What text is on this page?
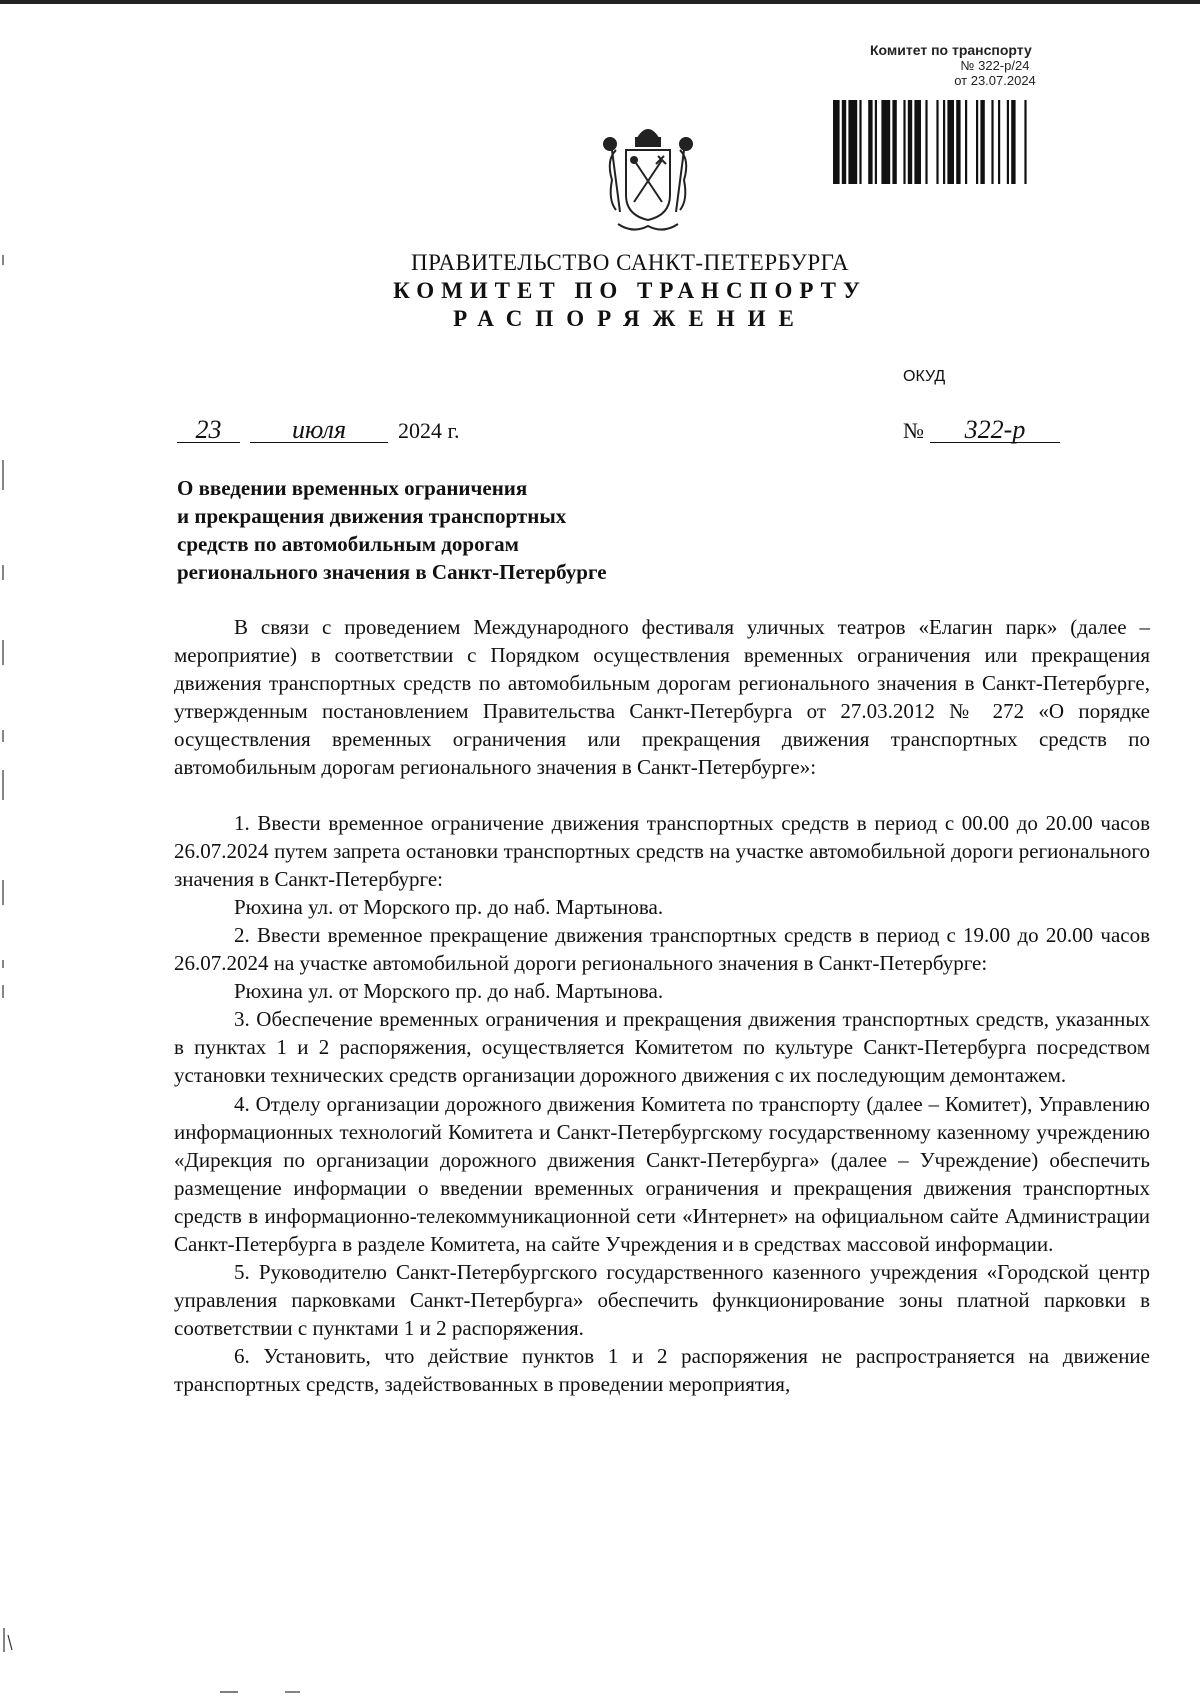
Комитет по транспорту
№ 322-р/24
от 23.07.2024
ПРАВИТЕЛЬСТВО САНКТ-ПЕТЕРБУРГА
КОМИТЕТ ПО ТРАНСПОРТУ
РАСПОРЯЖЕНИЕ
ОКУД
23	июля 2024 г.	№ 322-р
О введении временных ограничения
и прекращения движения транспортных
средств по автомобильным дорогам
регионального значения в Санкт-Петербурге

В связи с проведением Международного фестиваля уличных театров «Елагин парк» (далее – мероприятие) в соответствии с Порядком осуществления временных ограничения или прекращения движения транспортных средств по автомобильным дорогам регионального значения в Санкт-Петербурге, утвержденным постановлением Правительства Санкт-Петербурга от 27.03.2012 № 272 «О порядке осуществления временных ограничения или прекращения движения транспортных средств по автомобильным дорогам регионального значения в Санкт-Петербурге»:

1. Ввести временное ограничение движения транспортных средств в период с 00.00 до 20.00 часов 26.07.2024 путем запрета остановки транспортных средств на участке автомобильной дороги регионального значения в Санкт-Петербурге:

Рюхина ул. от Морского пр. до наб. Мартынова.

2. Ввести временное прекращение движения транспортных средств в период с 19.00 до 20.00 часов 26.07.2024 на участке автомобильной дороги регионального значения в Санкт-Петербурге:

Рюхина ул. от Морского пр. до наб. Мартынова.

3. Обеспечение временных ограничения и прекращения движения транспортных средств, указанных в пунктах 1 и 2 распоряжения, осуществляется Комитетом по культуре Санкт-Петербурга посредством установки технических средств организации дорожного движения с их последующим демонтажем.

4. Отделу организации дорожного движения Комитета по транспорту (далее – Комитет), Управлению информационных технологий Комитета и Санкт-Петербургскому государственному казенному учреждению «Дирекция по организации дорожного движения Санкт-Петербурга» (далее – Учреждение) обеспечить размещение информации о введении временных ограничения и прекращения движения транспортных средств в информационно-телекоммуникационной сети «Интернет» на официальном сайте Администрации Санкт-Петербурга в разделе Комитета, на сайте Учреждения и в средствах массовой информации.

5. Руководителю Санкт-Петербургского государственного казенного учреждения «Городской центр управления парковками Санкт-Петербурга» обеспечить функционирование зоны платной парковки в соответствии с пунктами 1 и 2 распоряжения.

6. Установить, что действие пунктов 1 и 2 распоряжения не распространяется на движение транспортных средств, задействованных в проведении мероприятия,
